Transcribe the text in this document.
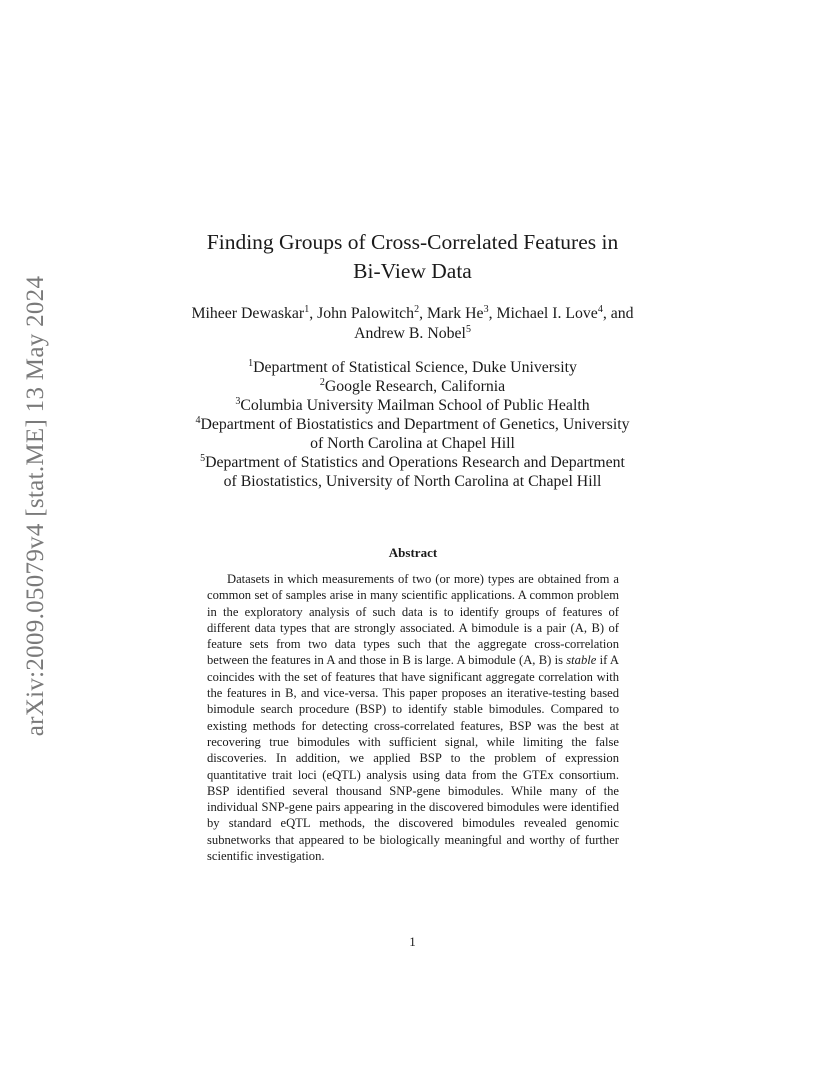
arXiv:2009.05079v4 [stat.ME] 13 May 2024
Finding Groups of Cross-Correlated Features in
Bi-View Data
Miheer Dewaskar$^1$, John Palowitch$^2$, Mark He$^3$, Michael I. Love$^4$, and
Andrew B. Nobel$^5$
$^1$Department of Statistical Science, Duke University
$^2$Google Research, California
$^3$Columbia University Mailman School of Public Health
$^4$Department of Biostatistics and Department of Genetics, University
of North Carolina at Chapel Hill
$^5$Department of Statistics and Operations Research and Department
of Biostatistics, University of North Carolina at Chapel Hill
Abstract
Datasets in which measurements of two (or more) types are obtained from a common set of samples arise in many scientific applications. A common problem in the exploratory analysis of such data is to identify groups of features of different data types that are strongly associated. A bimodule is a pair (A, B) of feature sets from two data types such that the aggregate cross-correlation between the features in A and those in B is large. A bimodule (A, B) is stable if A coincides with the set of features that have significant aggregate correlation with the features in B, and vice-versa. This paper proposes an iterative-testing based bimodule search procedure (BSP) to identify stable bimodules. Compared to existing methods for detecting cross-correlated features, BSP was the best at recovering true bimodules with sufficient signal, while limiting the false discoveries. In addition, we applied BSP to the problem of expression quantitative trait loci (eQTL) analysis using data from the GTEx consortium. BSP identified several thousand SNP-gene bimodules. While many of the individual SNP-gene pairs appearing in the discovered bimodules were identified by standard eQTL methods, the discovered bimodules revealed genomic subnetworks that appeared to be biologically meaningful and worthy of further scientific investigation.
1
